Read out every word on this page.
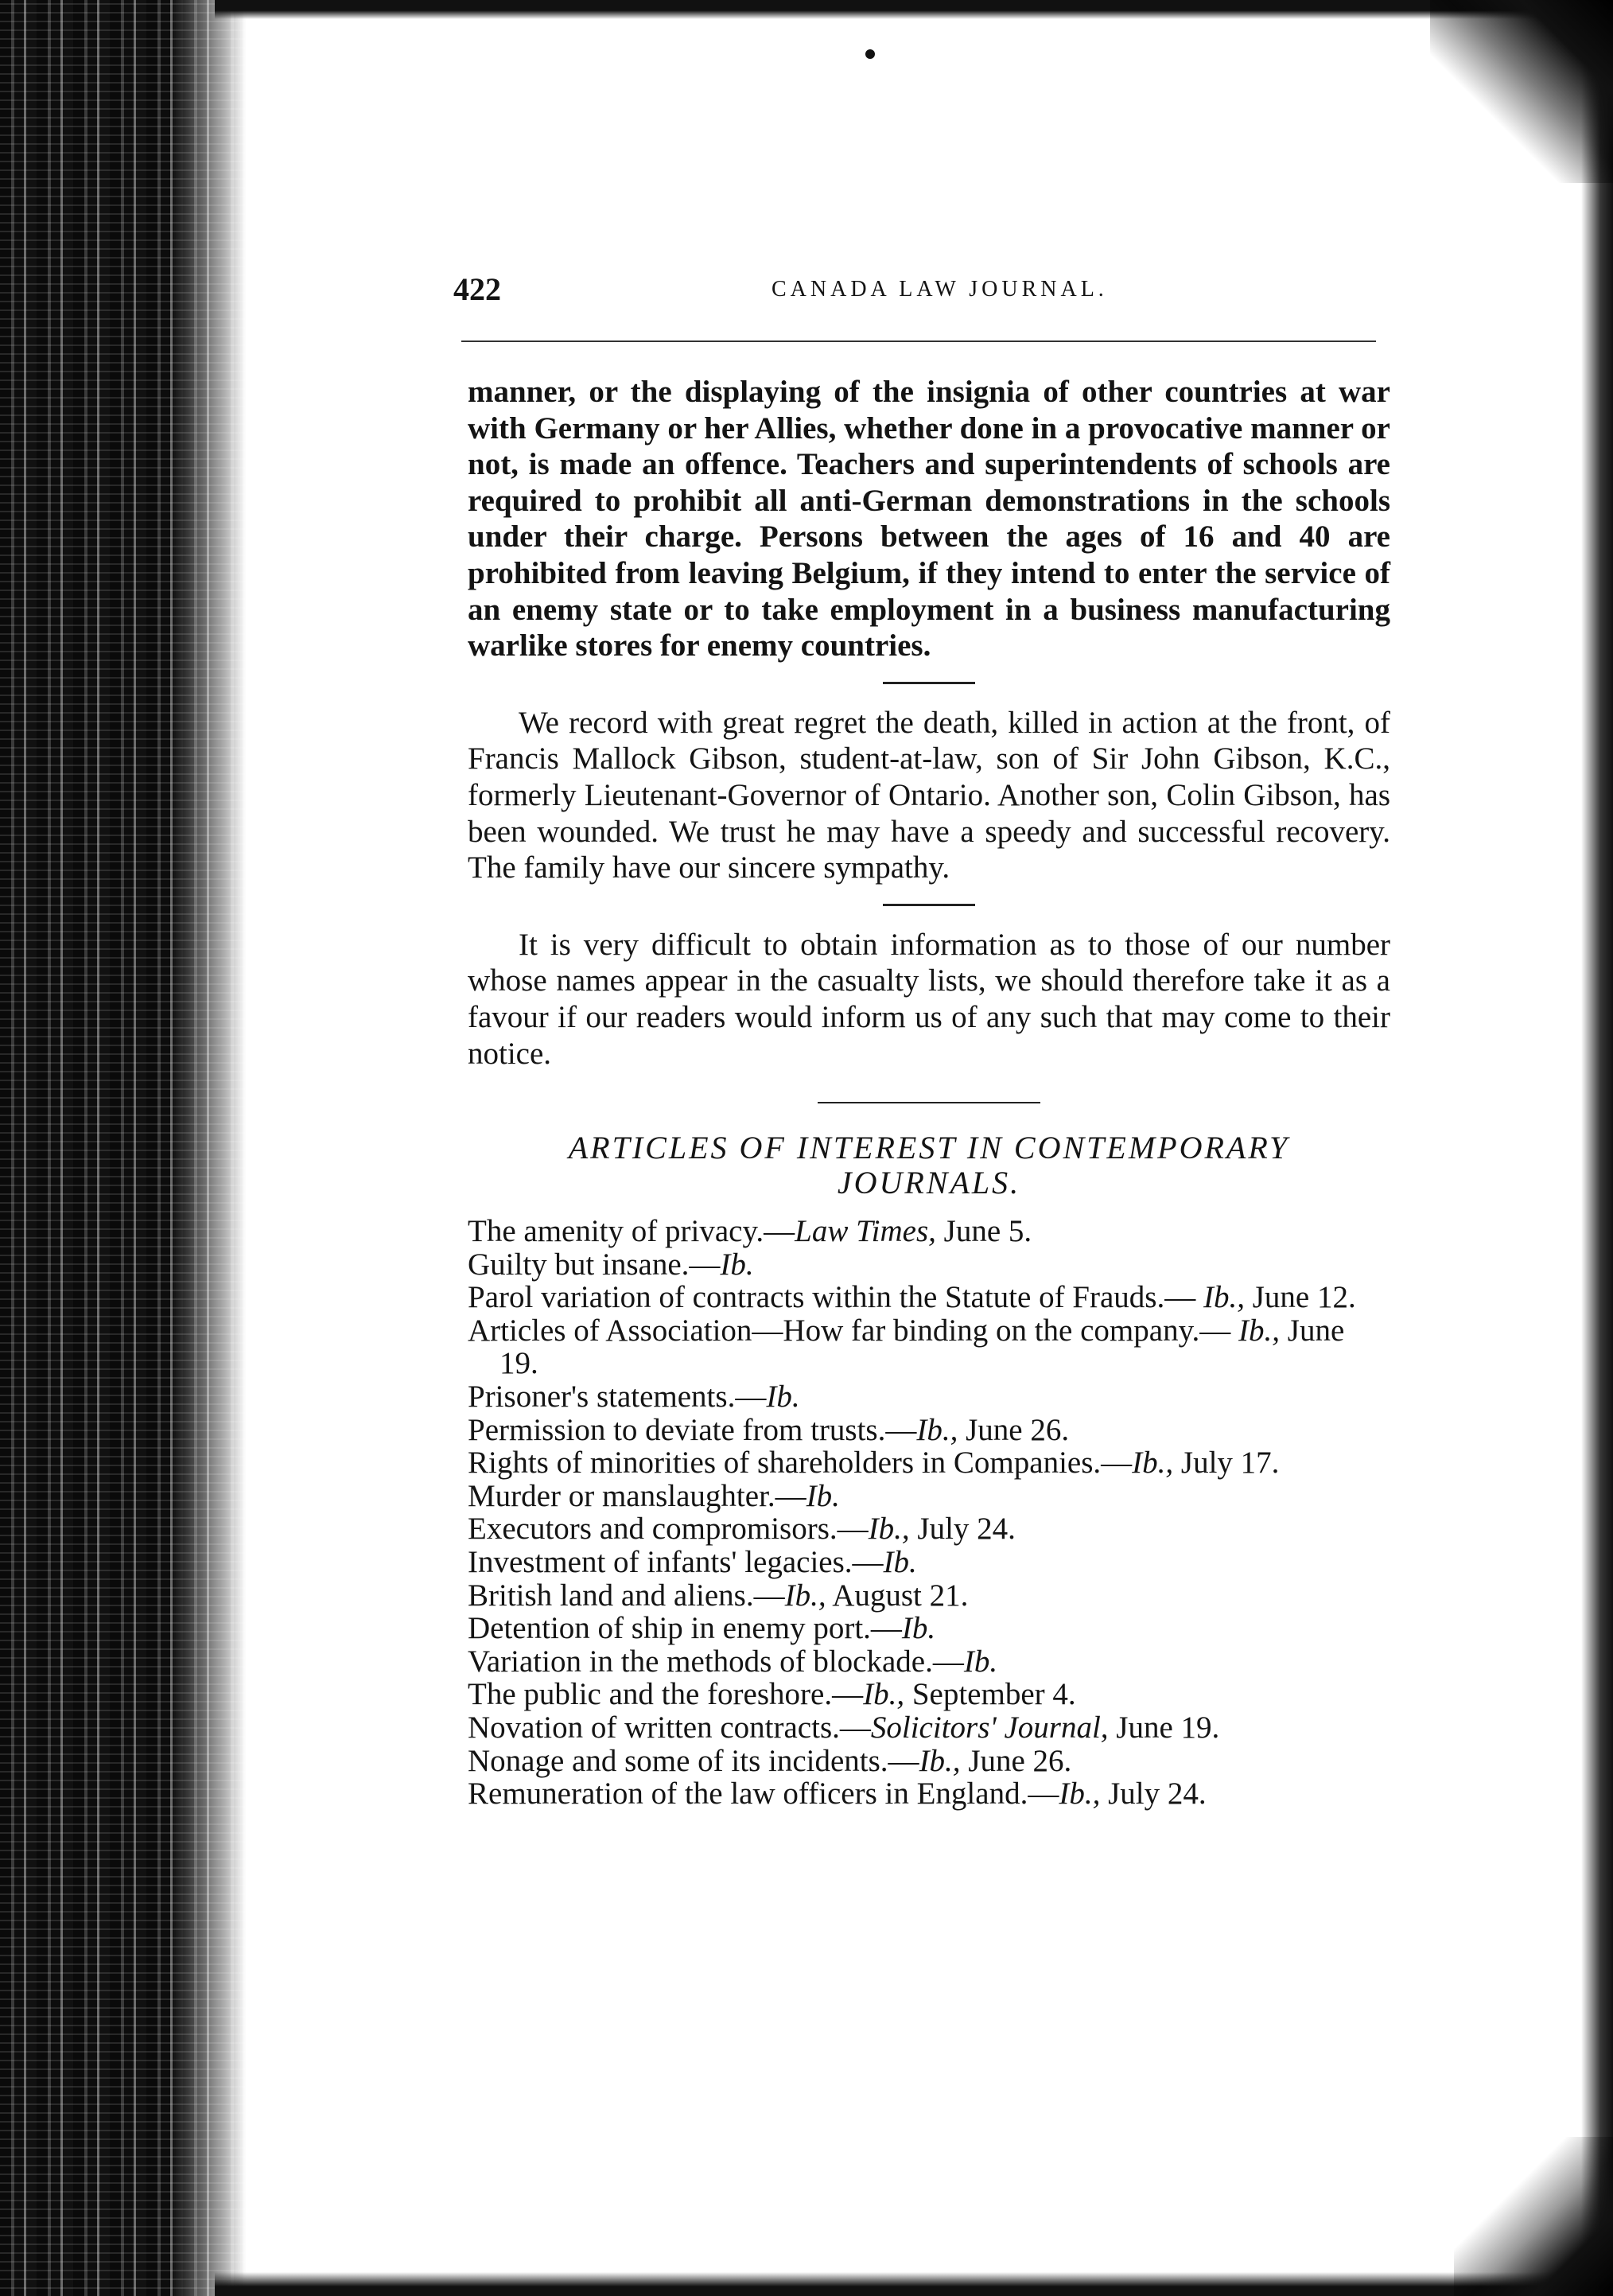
422	CANADA LAW JOURNAL.

manner, or the displaying of the insignia of other countries at war with Germany or her Allies, whether done in a provocative manner or not, is made an offence. Teachers and superintendents of schools are required to prohibit all anti-German demonstrations in the schools under their charge. Persons between the ages of 16 and 40 are prohibited from leaving Belgium, if they intend to enter the service of an enemy state or to take employment in a business manufacturing warlike stores for enemy countries.

We record with great regret the death, killed in action at the front, of Francis Mallock Gibson, student-at-law, son of Sir John Gibson, K.C., formerly Lieutenant-Governor of Ontario. Another son, Colin Gibson, has been wounded. We trust he may have a speedy and successful recovery. The family have our sincere sympathy.

It is very difficult to obtain information as to those of our number whose names appear in the casualty lists, we should therefore take it as a favour if our readers would inform us of any such that may come to their notice.

ARTICLES OF INTEREST IN CONTEMPORARY JOURNALS.

The amenity of privacy.—Law Times, June 5.
Guilty but insane.—Ib.
Parol variation of contracts within the Statute of Frauds.— Ib., June 12.
Articles of Association—How far binding on the company.— Ib., June 19.
Prisoner's statements.—Ib.
Permission to deviate from trusts.—Ib., June 26.
Rights of minorities of shareholders in Companies.—Ib., July 17.
Murder or manslaughter.—Ib.
Executors and compromisors.—Ib., July 24.
Investment of infants' legacies.—Ib.
British land and aliens.—Ib., August 21.
Detention of ship in enemy port.—Ib.
Variation in the methods of blockade.—Ib.
The public and the foreshore.—Ib., September 4.
Novation of written contracts.—Solicitors' Journal, June 19.
Nonage and some of its incidents.—Ib., June 26.
Remuneration of the law officers in England.—Ib., July 24.
